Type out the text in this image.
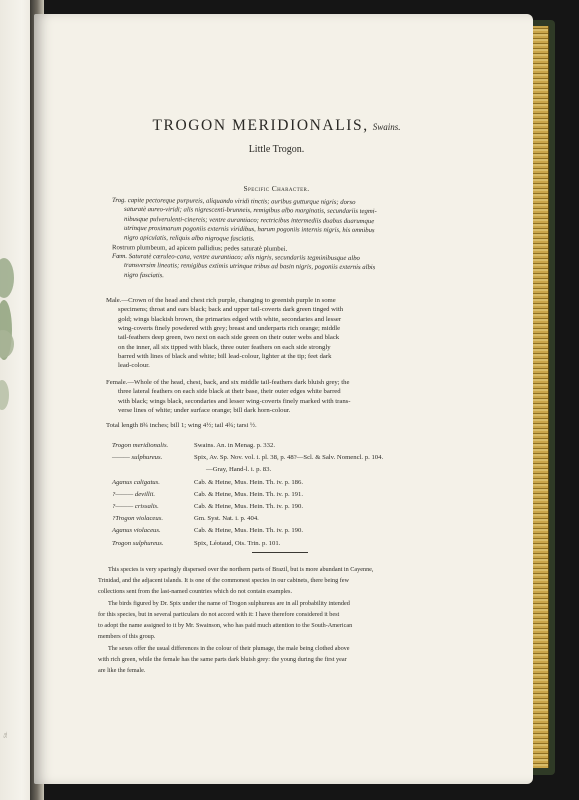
Sn.
TROGON MERIDIONALIS, Swains.
Little Trogon.
Specific Character.
Trog. capite pectoreque purpureis, aliquando viridi tinctis; auribus gutturque nigris; dorso
saturatè aureo-viridi; alis nigrescenti-brunneis, remigibus albo marginatis, secundariis tegmi-
nibusque pulverulenti-cinereis; ventre aurantiaco; rectricibus intermediis duabus duarumque
utrinque proximarum pogoniis externis viridibus, harum pogoniis internis nigris, his omnibus
nigro apiculatis, reliquis albo nigroque fasciatis.
Rostrum plumbeum, ad apicem pallidius; pedes saturatè plumbei.
Fœm. Saturatè cæruleo-cana, ventre aurantiaco; alis nigris, secundariis tegminibusque albo
transversim lineatis; remigibus extimis utrinque tribus ad basin nigris, pogoniis externis albis
nigro fasciatis.
Male.—Crown of the head and chest rich purple, changing to greenish purple in some
specimens; throat and ears black; back and upper tail-coverts dark green tinged with
gold; wings blackish brown, the primaries edged with white, secondaries and lesser
wing-coverts finely powdered with grey; breast and underparts rich orange; middle
tail-feathers deep green, two next on each side green on their outer webs and black
on the inner, all six tipped with black, three outer feathers on each side strongly
barred with lines of black and white; bill lead-colour, lighter at the tip; feet dark
lead-colour.
Female.—Whole of the head, chest, back, and six middle tail-feathers dark bluish grey; the
three lateral feathers on each side black at their base, their outer edges white barred
with black; wings black, secondaries and lesser wing-coverts finely marked with trans-
verse lines of white; under surface orange; bill dark horn-colour.
Total length 8¾ inches; bill 1; wing 4½; tail 4¾; tarsi ½.
Trogon meridionalis.	Swains. An. in Menag. p. 332.
——— sulphureus.	Spix, Av. Sp. Nov. vol. i. pl. 38, p. 48?—Scl. & Salv. Nomencl. p. 104.
—Gray, Hand-l. i. p. 83.
Aganus caligatus.	Cab. & Heine, Mus. Hein. Th. iv. p. 186.
?——— devillii.	Cab. & Heine, Mus. Hein. Th. iv. p. 191.
?——— crissalis.	Cab. & Heine, Mus. Hein. Th. iv. p. 190.
?Trogon violaceus.	Gm. Syst. Nat. i. p. 404.
Aganus violaceus.	Cab. & Heine, Mus. Hein. Th. iv. p. 190.
Trogon sulphureus.	Spix, Léotaud, Ois. Trin. p. 101.
This species is very sparingly dispersed over the northern parts of Brazil, but is more abundant in Cayenne,
Trinidad, and the adjacent islands. It is one of the commonest species in our cabinets, there being few
collections sent from the last-named countries which do not contain examples.
The birds figured by Dr. Spix under the name of Trogon sulphureus are in all probability intended
for this species, but in several particulars do not accord with it: I have therefore considered it best
to adopt the name assigned to it by Mr. Swainson, who has paid much attention to the South-American
members of this group.
The sexes offer the usual differences in the colour of their plumage, the male being clothed above
with rich green, while the female has the same parts dark bluish grey: the young during the first year
are like the female.
